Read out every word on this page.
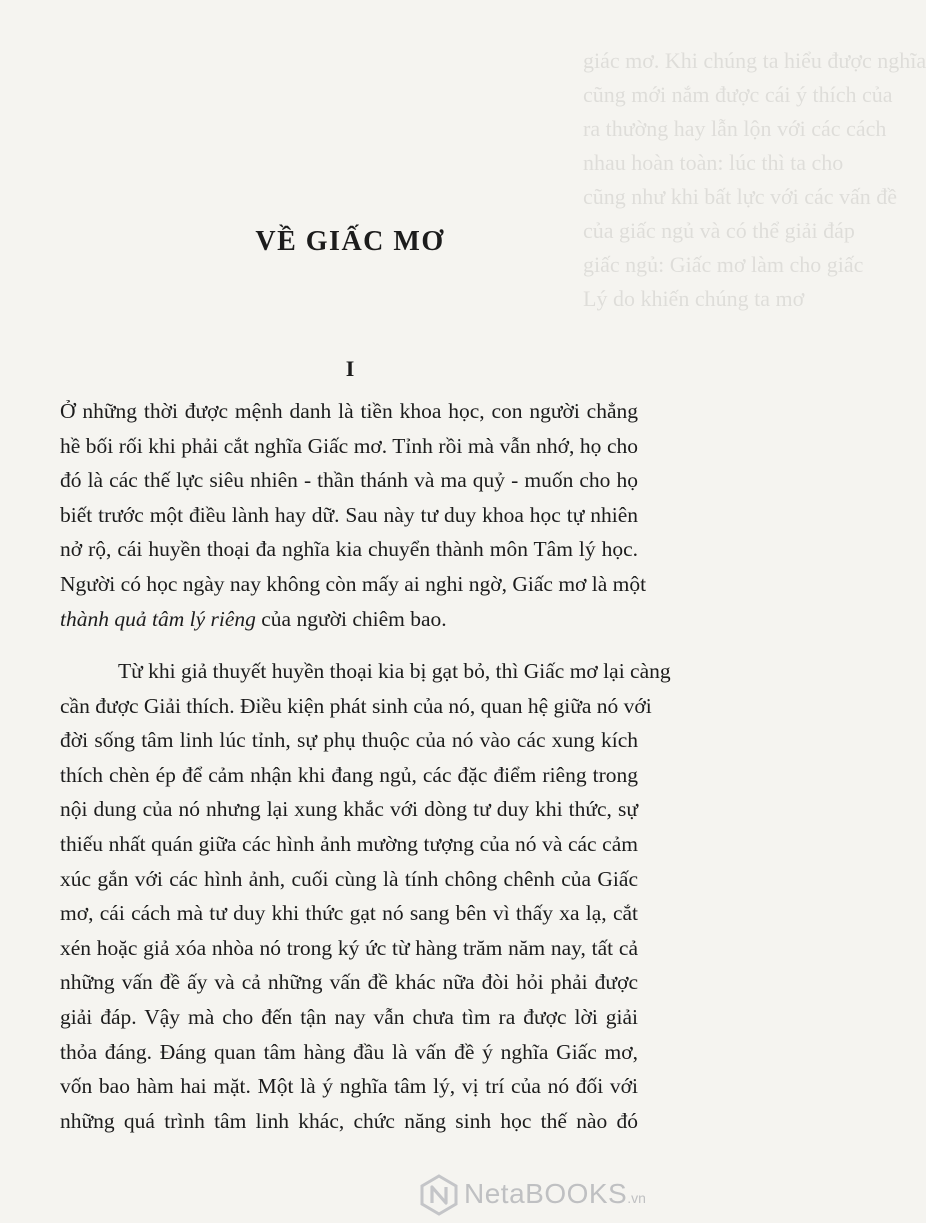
giác mơ. Khi chúng ta hiểu được nghĩa
cũng mới nắm được cái ý thích của
ra thường hay lẫn lộn với các cách
nhau hoàn toàn: lúc thì ta cho
cũng như khi bất lực với các vấn đề
của giấc ngủ và có thể giải đáp
giấc ngủ: Giấc mơ làm cho giấc
Lý do khiến chúng ta mơ
VỀ GIẤC MƠ
I

Ở những thời được mệnh danh là tiền khoa học, con người chẳng
hề bối rối khi phải cắt nghĩa Giấc mơ. Tỉnh rồi mà vẫn nhớ, họ cho
đó là các thế lực siêu nhiên - thần thánh và ma quỷ - muốn cho họ
biết trước một điều lành hay dữ. Sau này tư duy khoa học tự nhiên
nở rộ, cái huyền thoại đa nghĩa kia chuyển thành môn Tâm lý học.
Người có học ngày nay không còn mấy ai nghi ngờ, Giấc mơ là một
thành quả tâm lý riêng của người chiêm bao.

Từ khi giả thuyết huyền thoại kia bị gạt bỏ, thì Giấc mơ lại càng
cần được Giải thích. Điều kiện phát sinh của nó, quan hệ giữa nó với
đời sống tâm linh lúc tỉnh, sự phụ thuộc của nó vào các xung kích
thích chèn ép để cảm nhận khi đang ngủ, các đặc điểm riêng trong
nội dung của nó nhưng lại xung khắc với dòng tư duy khi thức, sự
thiếu nhất quán giữa các hình ảnh mường tượng của nó và các cảm
xúc gắn với các hình ảnh, cuối cùng là tính chông chênh của Giấc
mơ, cái cách mà tư duy khi thức gạt nó sang bên vì thấy xa lạ, cắt
xén hoặc giả xóa nhòa nó trong ký ức từ hàng trăm năm nay, tất cả
những vấn đề ấy và cả những vấn đề khác nữa đòi hỏi phải được
giải đáp. Vậy mà cho đến tận nay vẫn chưa tìm ra được lời giải
thỏa đáng. Đáng quan tâm hàng đầu là vấn đề ý nghĩa Giấc mơ,
vốn bao hàm hai mặt. Một là ý nghĩa tâm lý, vị trí của nó đối với
những quá trình tâm linh khác, chức năng sinh học thế nào đó

NetaBOOKS.vn
